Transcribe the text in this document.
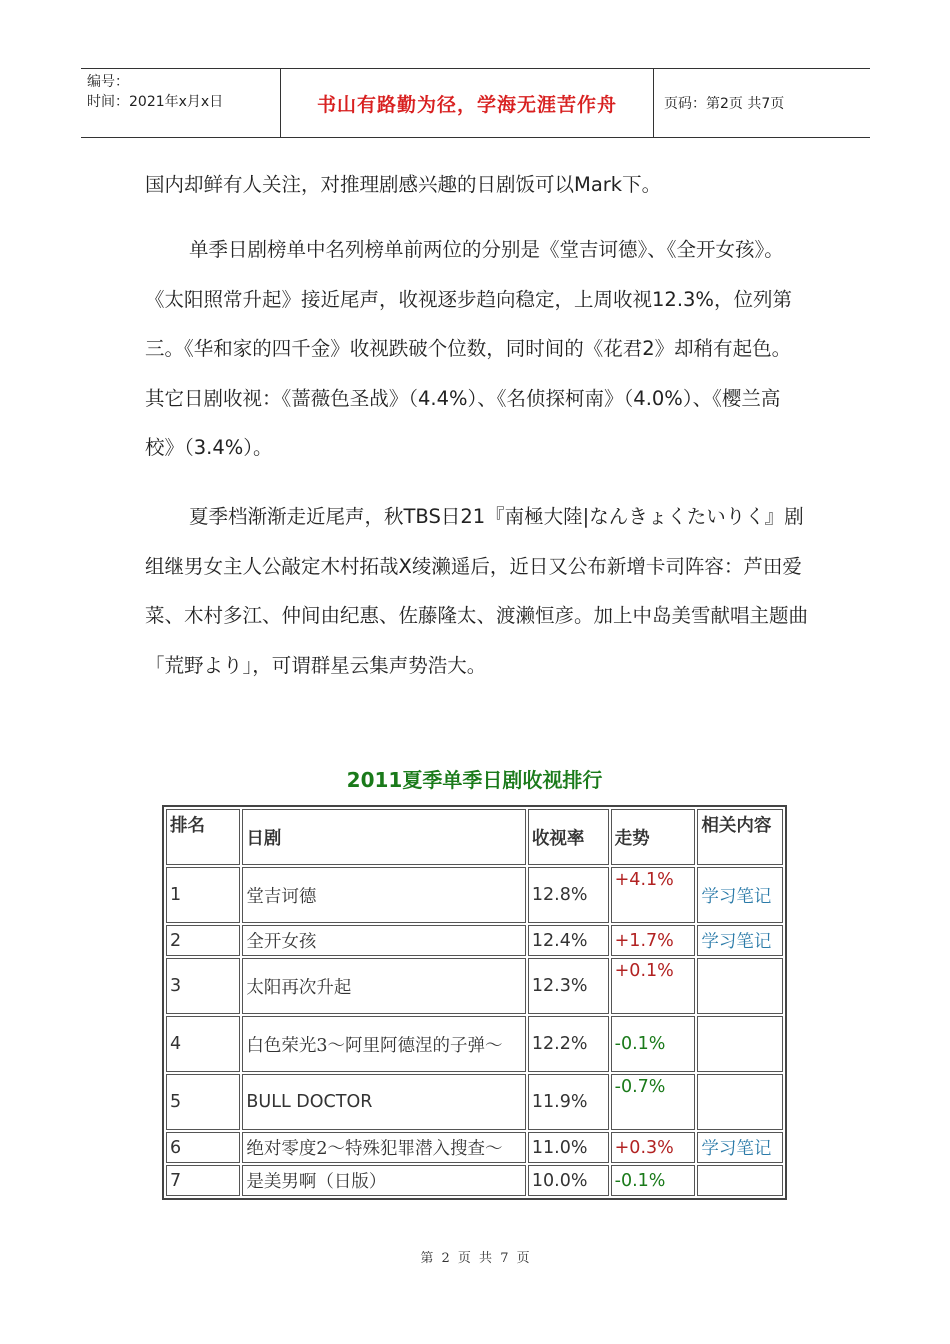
编号：
时间：2021年x月x日	书山有路勤为径，学海无涯苦作舟	页码：第2页 共7页
国内却鲜有人关注，对推理剧感兴趣的日剧饭可以Mark下。
单季日剧榜单中名列榜单前两位的分别是《堂吉诃德》、《全开女孩》。《太阳照常升起》接近尾声，收视逐步趋向稳定，上周收视12.3%，位列第三。《华和家的四千金》收视跌破个位数，同时间的《花君2》却稍有起色。其它日剧收视：《蔷薇色圣战》（4.4%）、《名侦探柯南》（4.0%）、《樱兰高校》（3.4%）。
夏季档渐渐走近尾声，秋TBS日21『南極大陸|なんきょくたいりく』剧组继男女主人公敲定木村拓哉X绫濑遥后，近日又公布新增卡司阵容：芦田爱菜、木村多江、仲间由纪惠、佐藤隆太、渡濑恒彦。加上中岛美雪献唱主题曲「荒野より」，可谓群星云集声势浩大。
2011夏季单季日剧收视排行
排名	日剧	收视率	走势	相关内容
1	堂吉诃德	12.8%	+4.1%	学习笔记
2	全开女孩	12.4%	+1.7%	学习笔记
3	太阳再次升起	12.3%	+0.1%	
4	白色荣光3～阿里阿德涅的子弹～	12.2%	-0.1%	
5	BULL DOCTOR	11.9%	-0.7%	
6	绝对零度2～特殊犯罪潜入搜查～	11.0%	+0.3%	学习笔记
7	是美男啊（日版）	10.0%	-0.1%	
第 2 页 共 7 页
